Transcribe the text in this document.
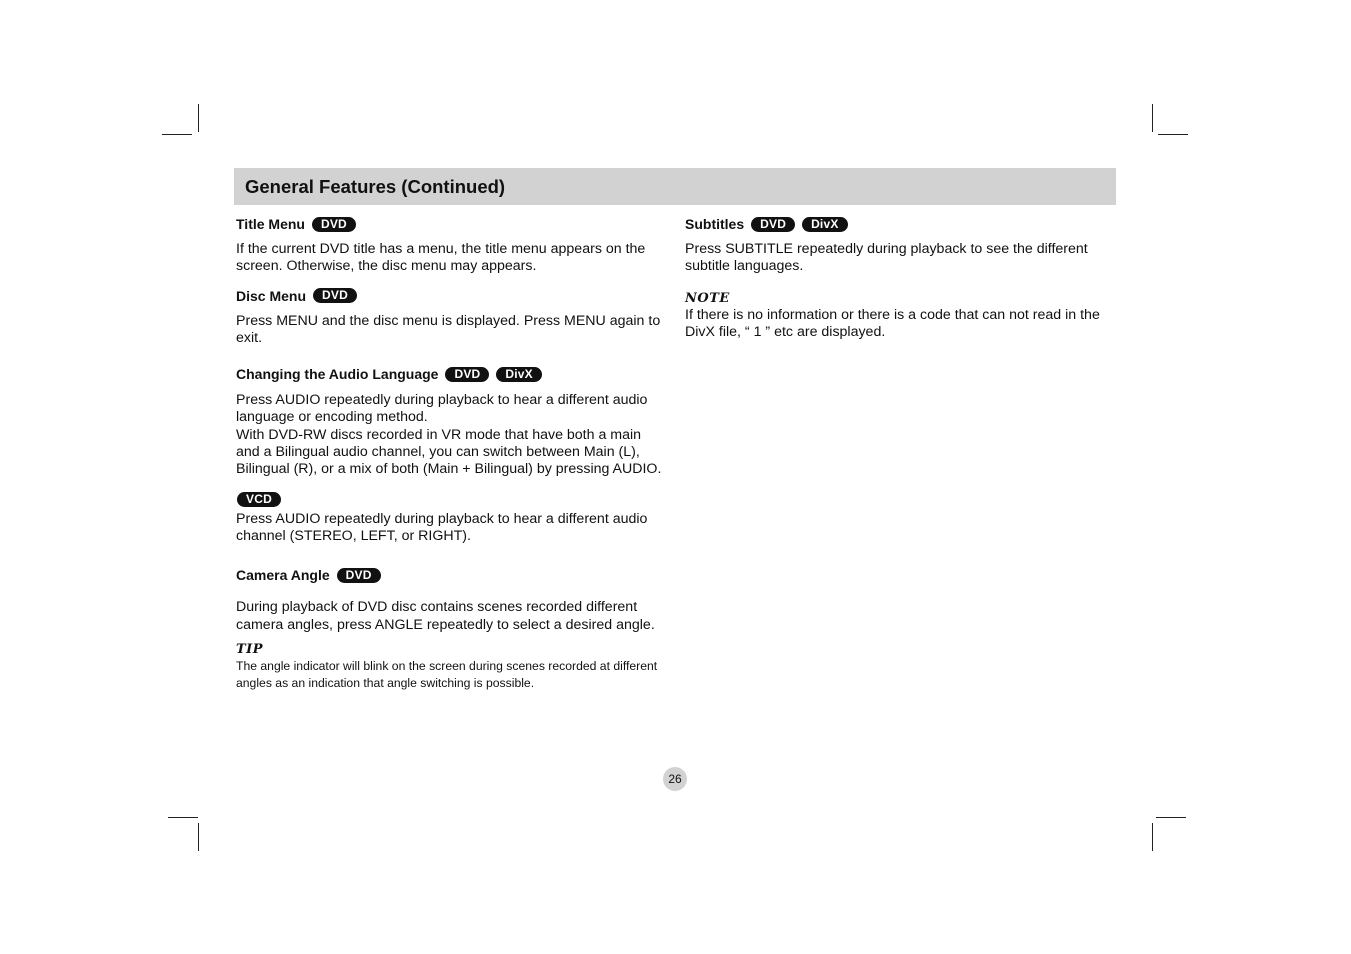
General Features (Continued)

Title Menu	DVD

If the current DVD title has a menu, the title menu appears on the screen. Otherwise, the disc menu may appears.

Disc Menu	DVD

Press MENU and the disc menu is displayed. Press MENU again to exit.

Changing the Audio Language	DVD	DivX

Press AUDIO repeatedly during playback to hear a different audio language or encoding method.

With DVD-RW discs recorded in VR mode that have both a main and a Bilingual audio channel, you can switch between Main (L), Bilingual (R), or a mix of both (Main + Bilingual) by pressing AUDIO.

VCD

Press AUDIO repeatedly during playback to hear a different audio channel (STEREO, LEFT, or RIGHT).

Camera Angle	DVD

During playback of DVD disc contains scenes recorded different camera angles, press ANGLE repeatedly to select a desired angle.

TIP

The angle indicator will blink on the screen during scenes recorded at different angles as an indication that angle switching is possible.

Subtitles	DVD	DivX

Press SUBTITLE repeatedly during playback to see the different subtitle languages.

NOTE

If there is no information or there is a code that can not read in the DivX file, “ 1 ” etc are displayed.

26
